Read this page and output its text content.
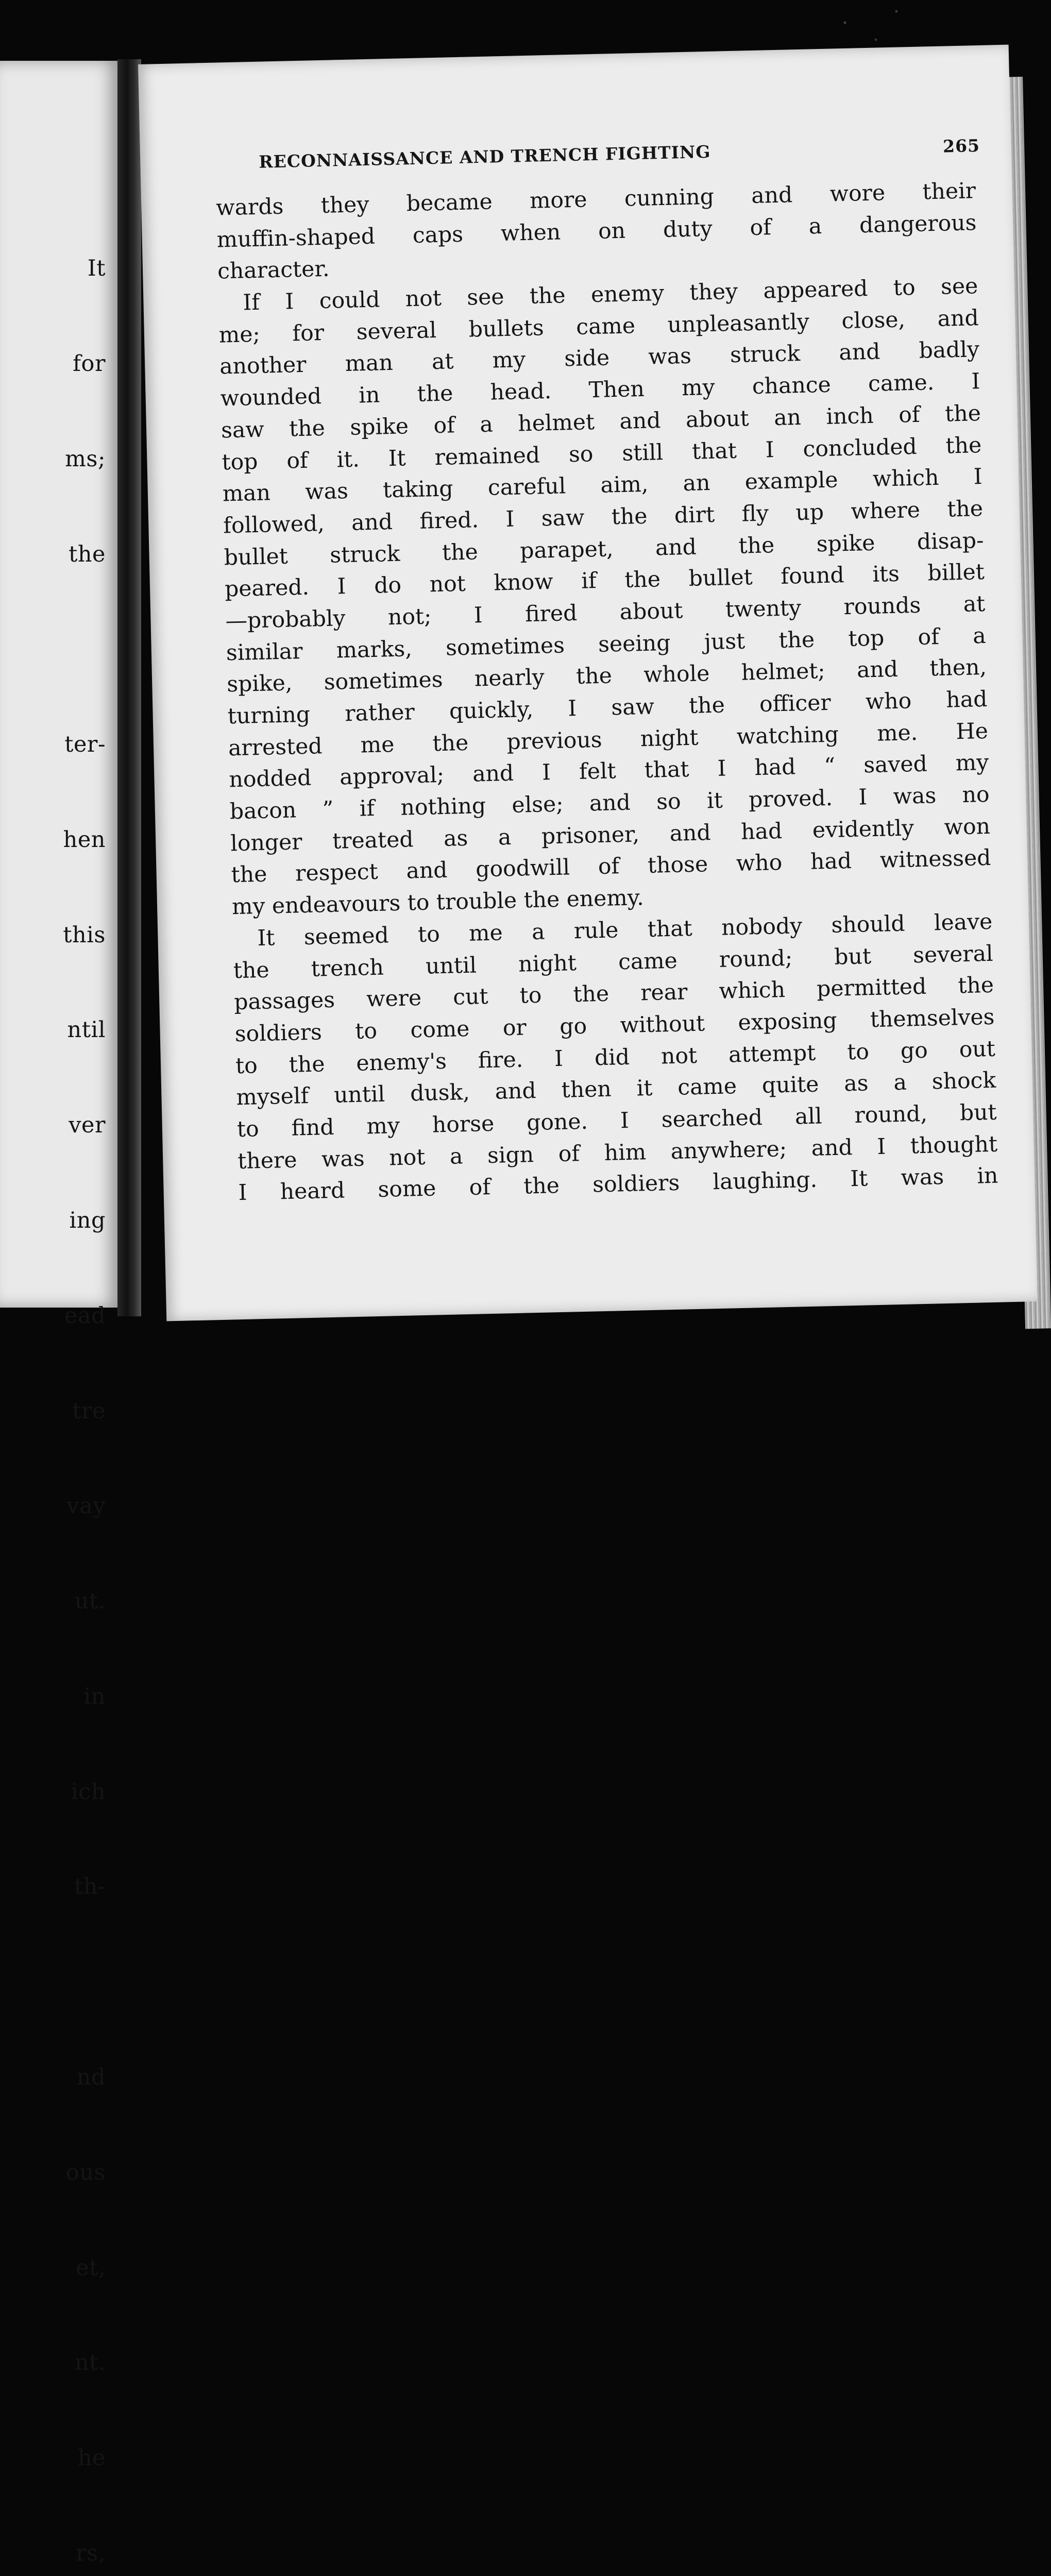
It

for

ms;

the

ter-

hen

this

ntil

ver

ing

ead

tre

vay

ut.

in

ich

th-

nd

ous

et,

nt.

he

rs,

RECONNAISSANCE AND TRENCH FIGHTING	265
wards they became more cunning and wore their
muffin-shaped caps when on duty of a dangerous
character.
If I could not see the enemy they appeared to see
me; for several bullets came unpleasantly close, and
another man at my side was struck and badly
wounded in the head. Then my chance came. I
saw the spike of a helmet and about an inch of the
top of it. It remained so still that I concluded the
man was taking careful aim, an example which I
followed, and fired. I saw the dirt fly up where the
bullet struck the parapet, and the spike disap-
peared. I do not know if the bullet found its billet
—probably not; I fired about twenty rounds at
similar marks, sometimes seeing just the top of a
spike, sometimes nearly the whole helmet; and then,
turning rather quickly, I saw the officer who had
arrested me the previous night watching me. He
nodded approval; and I felt that I had “ saved my
bacon ” if nothing else; and so it proved. I was no
longer treated as a prisoner, and had evidently won
the respect and goodwill of those who had witnessed
my endeavours to trouble the enemy.
It seemed to me a rule that nobody should leave
the trench until night came round; but several
passages were cut to the rear which permitted the
soldiers to come or go without exposing themselves
to the enemy's fire. I did not attempt to go out
myself until dusk, and then it came quite as a shock
to find my horse gone. I searched all round, but
there was not a sign of him anywhere; and I thought
I heard some of the soldiers laughing. It was in
